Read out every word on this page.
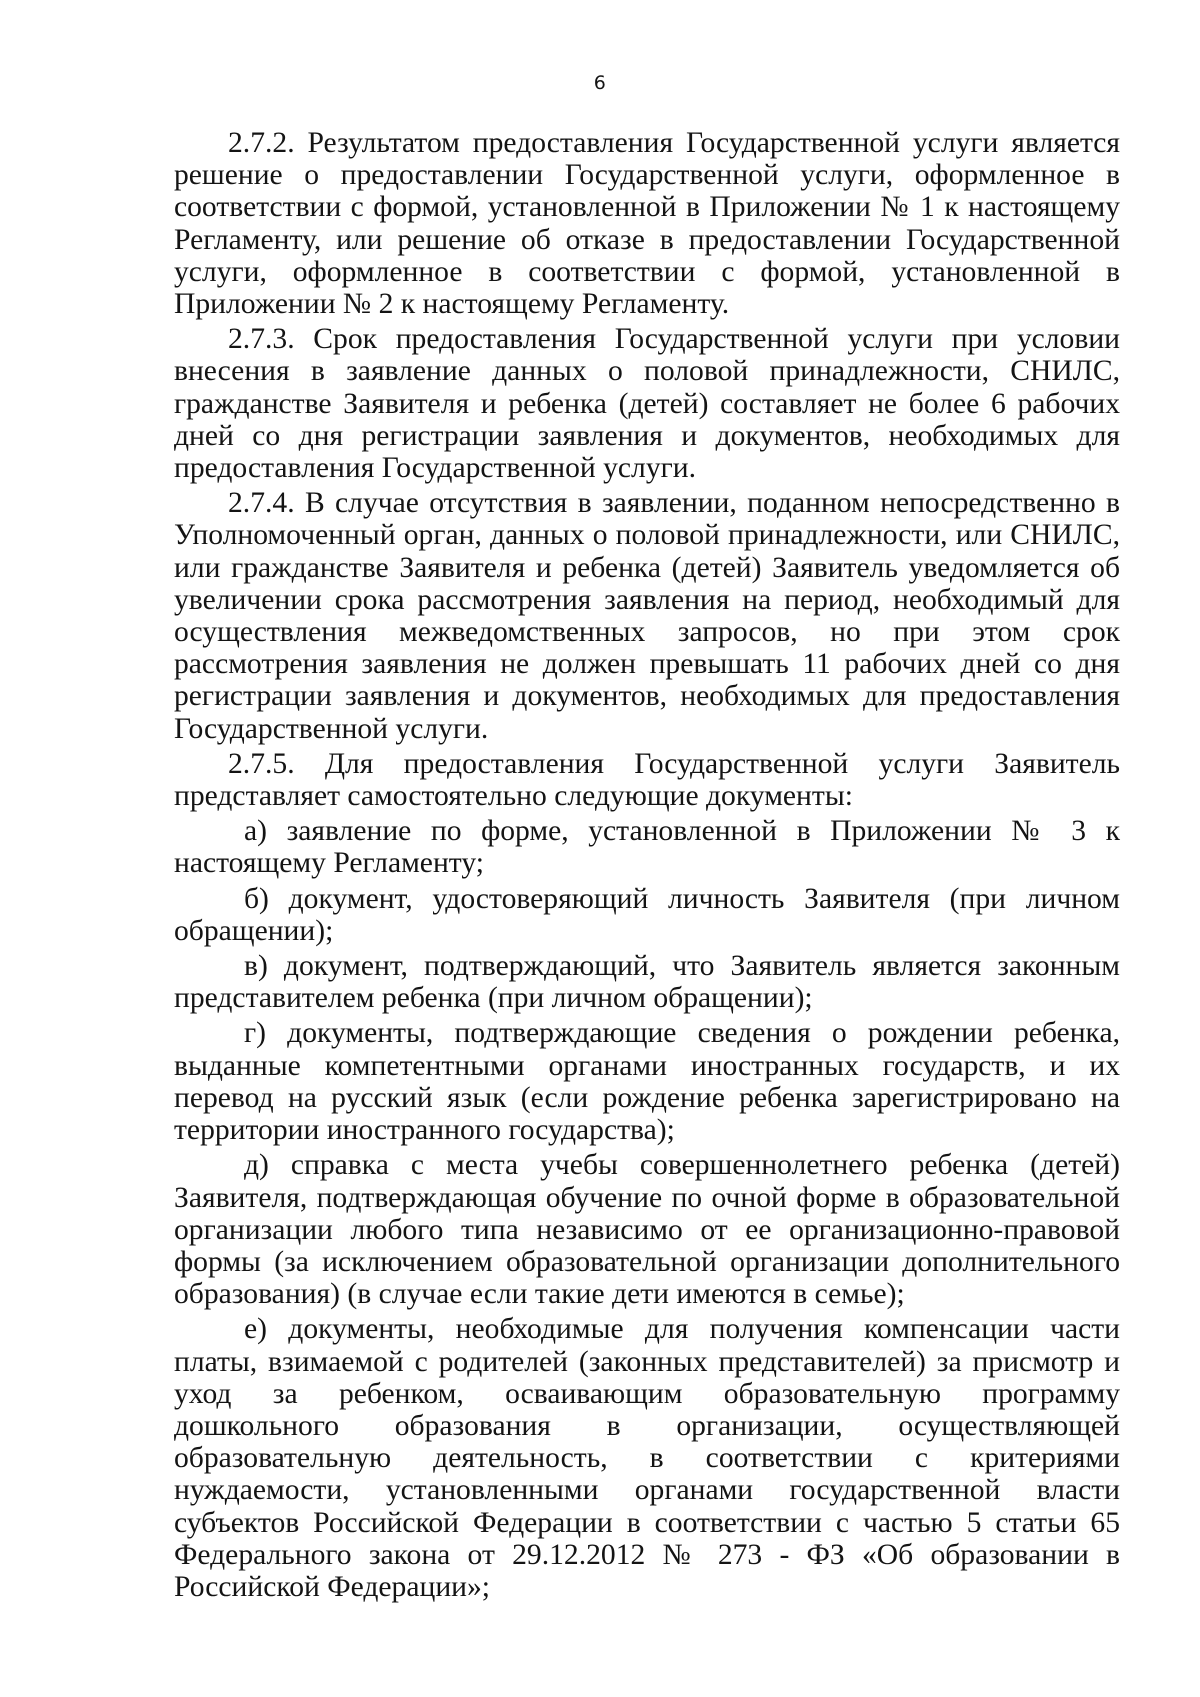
6

2.7.2. Результатом предоставления Государственной услуги является решение о предоставлении Государственной услуги, оформленное в соответствии с формой, установленной в Приложении № 1 к настоящему Регламенту, или решение об отказе в предоставлении Государственной услуги, оформленное в соответствии с формой, установленной в Приложении № 2 к настоящему Регламенту.

2.7.3. Срок предоставления Государственной услуги при условии внесения в заявление данных о половой принадлежности, СНИЛС, гражданстве Заявителя и ребенка (детей) составляет не более 6 рабочих дней со дня регистрации заявления и документов, необходимых для предоставления Государственной услуги.

2.7.4. В случае отсутствия в заявлении, поданном непосредственно в Уполномоченный орган, данных о половой принадлежности, или СНИЛС, или гражданстве Заявителя и ребенка (детей) Заявитель уведомляется об увеличении срока рассмотрения заявления на период, необходимый для осуществления межведомственных запросов, но при этом срок рассмотрения заявления не должен превышать 11 рабочих дней со дня регистрации заявления и документов, необходимых для предоставления Государственной услуги.

2.7.5. Для предоставления Государственной услуги Заявитель представляет самостоятельно следующие документы:

а) заявление по форме, установленной в Приложении № 3 к настоящему Регламенту;

б) документ, удостоверяющий личность Заявителя (при личном обращении);

в) документ, подтверждающий, что Заявитель является законным представителем ребенка (при личном обращении);

г) документы, подтверждающие сведения о рождении ребенка, выданные компетентными органами иностранных государств, и их перевод на русский язык (если рождение ребенка зарегистрировано на территории иностранного государства);

д) справка с места учебы совершеннолетнего ребенка (детей) Заявителя, подтверждающая обучение по очной форме в образовательной организации любого типа независимо от ее организационно-правовой формы (за исключением образовательной организации дополнительного образования) (в случае если такие дети имеются в семье);

е) документы, необходимые для получения компенсации части платы, взимаемой с родителей (законных представителей) за присмотр и уход за ребенком, осваивающим образовательную программу дошкольного образования в организации, осуществляющей образовательную деятельность, в соответствии с критериями нуждаемости, установленными органами государственной власти субъектов Российской Федерации в соответствии с частью 5 статьи 65 Федерального закона от 29.12.2012 № 273 - ФЗ «Об образовании в Российской Федерации»;
